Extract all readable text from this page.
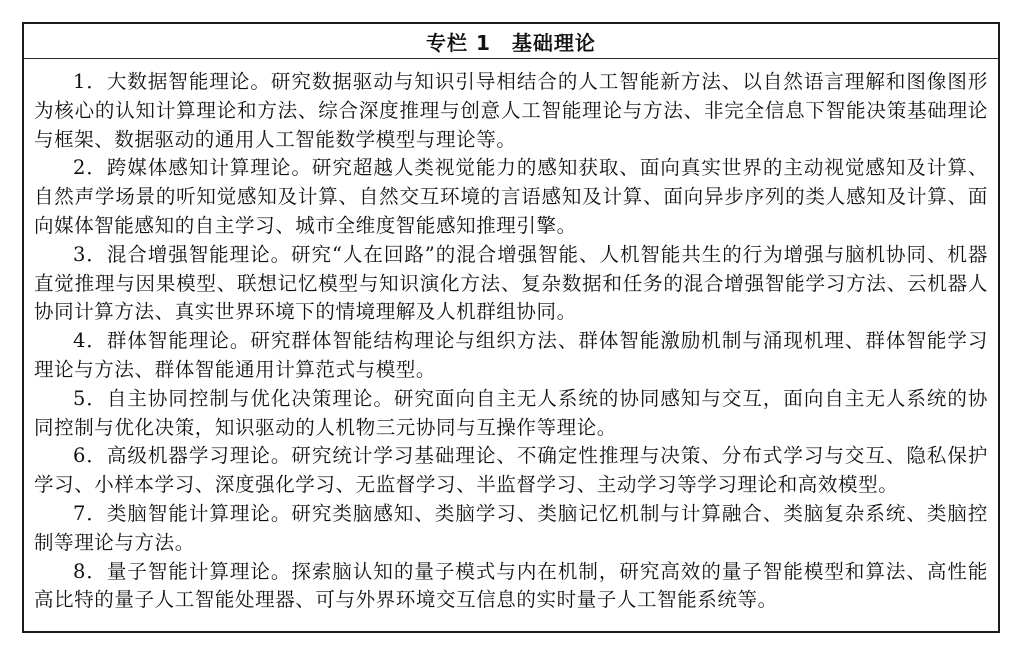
专栏 1　基础理论

1．大数据智能理论。研究数据驱动与知识引导相结合的人工智能新方法、以自然语言理解和图像图形为核心的认知计算理论和方法、综合深度推理与创意人工智能理论与方法、非完全信息下智能决策基础理论与框架、数据驱动的通用人工智能数学模型与理论等。

2．跨媒体感知计算理论。研究超越人类视觉能力的感知获取、面向真实世界的主动视觉感知及计算、自然声学场景的听知觉感知及计算、自然交互环境的言语感知及计算、面向异步序列的类人感知及计算、面向媒体智能感知的自主学习、城市全维度智能感知推理引擎。

3．混合增强智能理论。研究“人在回路”的混合增强智能、人机智能共生的行为增强与脑机协同、机器直觉推理与因果模型、联想记忆模型与知识演化方法、复杂数据和任务的混合增强智能学习方法、云机器人协同计算方法、真实世界环境下的情境理解及人机群组协同。

4．群体智能理论。研究群体智能结构理论与组织方法、群体智能激励机制与涌现机理、群体智能学习理论与方法、群体智能通用计算范式与模型。

5．自主协同控制与优化决策理论。研究面向自主无人系统的协同感知与交互，面向自主无人系统的协同控制与优化决策，知识驱动的人机物三元协同与互操作等理论。

6．高级机器学习理论。研究统计学习基础理论、不确定性推理与决策、分布式学习与交互、隐私保护学习、小样本学习、深度强化学习、无监督学习、半监督学习、主动学习等学习理论和高效模型。

7．类脑智能计算理论。研究类脑感知、类脑学习、类脑记忆机制与计算融合、类脑复杂系统、类脑控制等理论与方法。

8．量子智能计算理论。探索脑认知的量子模式与内在机制，研究高效的量子智能模型和算法、高性能高比特的量子人工智能处理器、可与外界环境交互信息的实时量子人工智能系统等。
